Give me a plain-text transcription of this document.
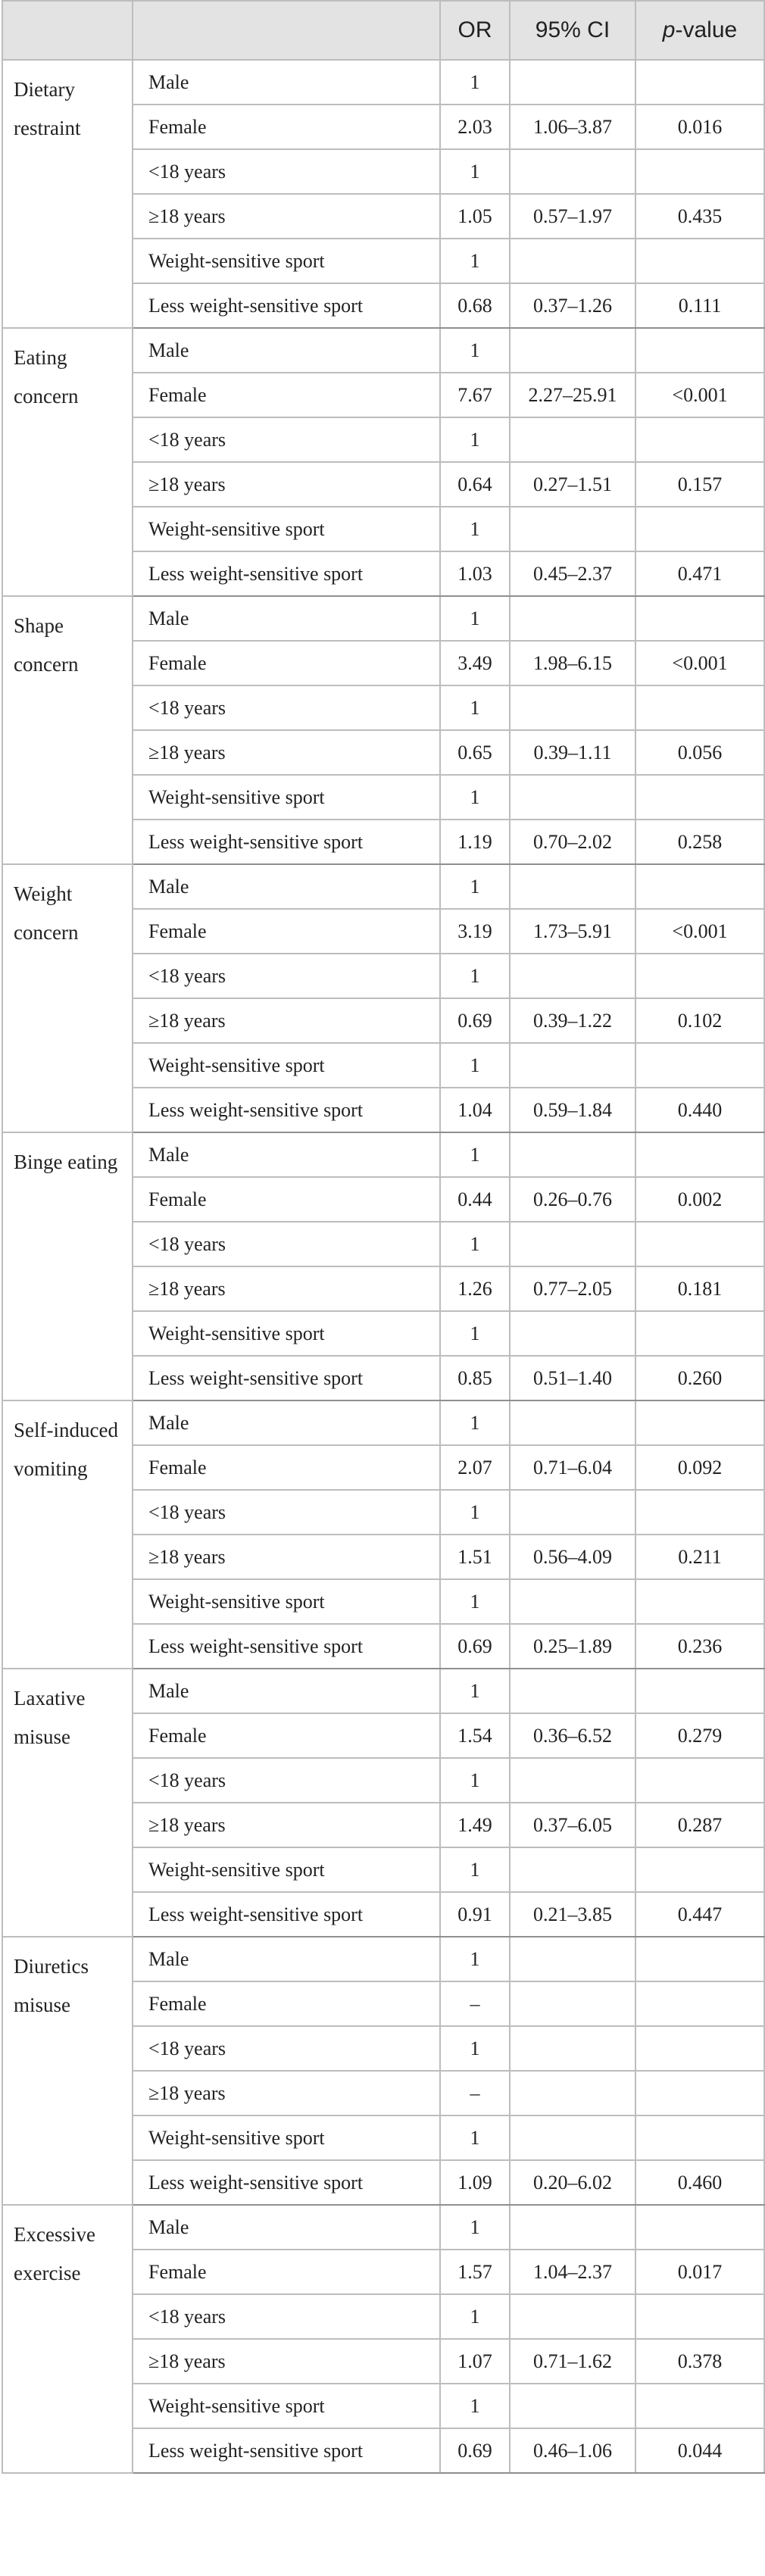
		OR	95% CI	p-value
Dietary restraint	Male	1		
	Female	2.03	1.06–3.87	0.016
	<18 years	1		
	≥18 years	1.05	0.57–1.97	0.435
	Weight-sensitive sport	1		
	Less weight-sensitive sport	0.68	0.37–1.26	0.111
Eating concern	Male	1		
	Female	7.67	2.27–25.91	<0.001
	<18 years	1		
	≥18 years	0.64	0.27–1.51	0.157
	Weight-sensitive sport	1		
	Less weight-sensitive sport	1.03	0.45–2.37	0.471
Shape concern	Male	1		
	Female	3.49	1.98–6.15	<0.001
	<18 years	1		
	≥18 years	0.65	0.39–1.11	0.056
	Weight-sensitive sport	1		
	Less weight-sensitive sport	1.19	0.70–2.02	0.258
Weight concern	Male	1		
	Female	3.19	1.73–5.91	<0.001
	<18 years	1		
	≥18 years	0.69	0.39–1.22	0.102
	Weight-sensitive sport	1		
	Less weight-sensitive sport	1.04	0.59–1.84	0.440
Binge eating	Male	1		
	Female	0.44	0.26–0.76	0.002
	<18 years	1		
	≥18 years	1.26	0.77–2.05	0.181
	Weight-sensitive sport	1		
	Less weight-sensitive sport	0.85	0.51–1.40	0.260
Self-induced vomiting	Male	1		
	Female	2.07	0.71–6.04	0.092
	<18 years	1		
	≥18 years	1.51	0.56–4.09	0.211
	Weight-sensitive sport	1		
	Less weight-sensitive sport	0.69	0.25–1.89	0.236
Laxative misuse	Male	1		
	Female	1.54	0.36–6.52	0.279
	<18 years	1		
	≥18 years	1.49	0.37–6.05	0.287
	Weight-sensitive sport	1		
	Less weight-sensitive sport	0.91	0.21–3.85	0.447
Diuretics misuse	Male	1		
	Female	–		
	<18 years	1		
	≥18 years	–		
	Weight-sensitive sport	1		
	Less weight-sensitive sport	1.09	0.20–6.02	0.460
Excessive exercise	Male	1		
	Female	1.57	1.04–2.37	0.017
	<18 years	1		
	≥18 years	1.07	0.71–1.62	0.378
	Weight-sensitive sport	1		
	Less weight-sensitive sport	0.69	0.46–1.06	0.044
